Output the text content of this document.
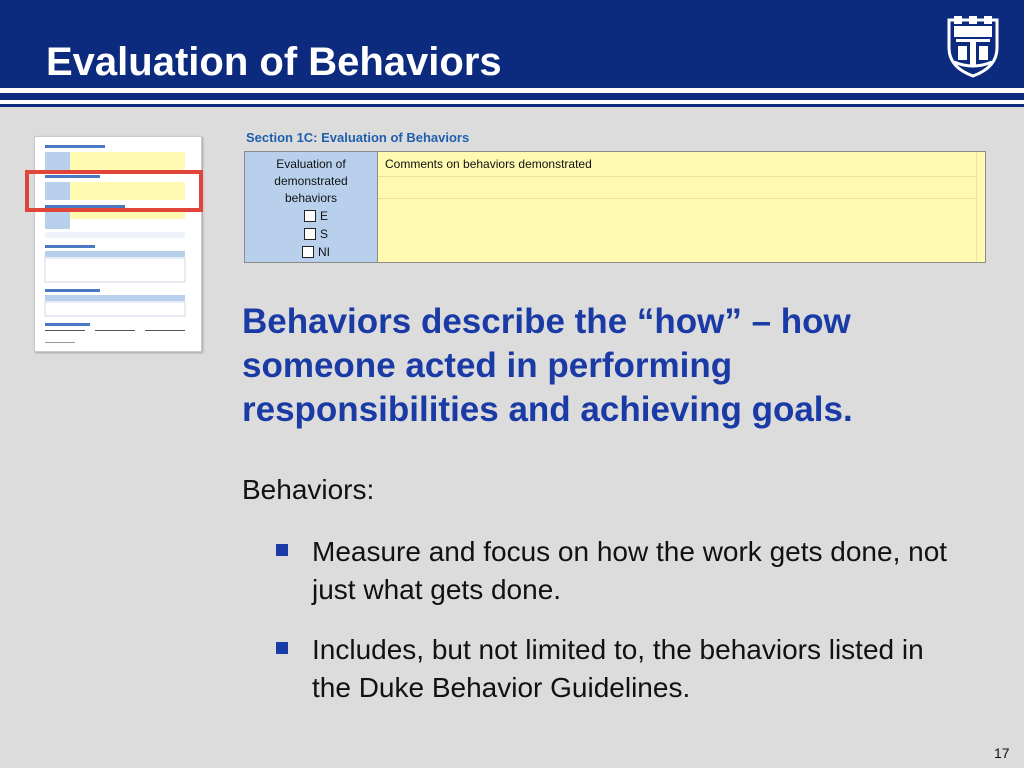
Evaluation of Behaviors
Section 1C: Evaluation of Behaviors
Evaluation of demonstrated behaviors
E
S
NI
Comments on behaviors demonstrated
Behaviors describe the “how” – how someone acted in performing responsibilities and achieving goals.
Behaviors:
Measure and focus on how the work gets done, not just what gets done.
Includes, but not limited to, the behaviors listed in the Duke Behavior Guidelines.
17
